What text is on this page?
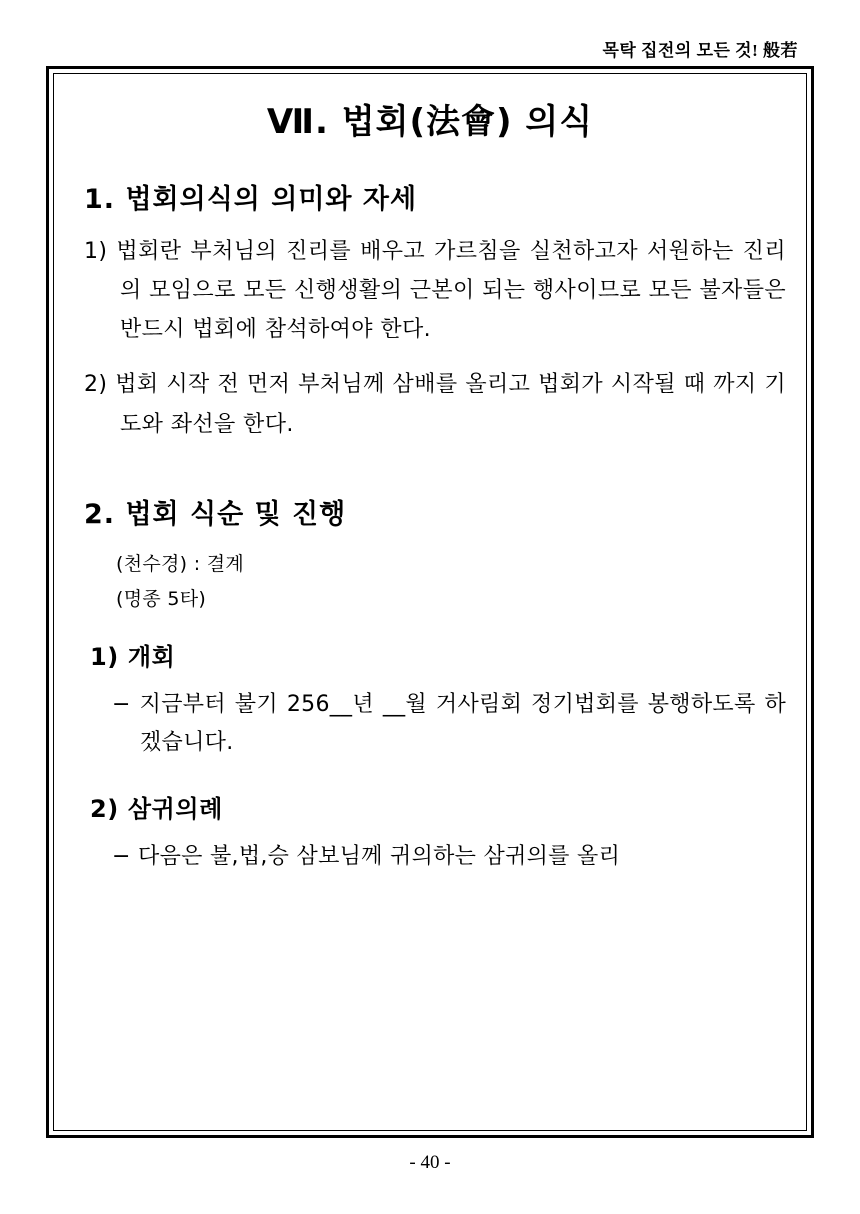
목탁 집전의 모든 것! 般若
Ⅶ. 법회(法會) 의식
1. 법회의식의 의미와 자세
1) 법회란 부처님의 진리를 배우고 가르침을 실천하고자 서원하는 진리의 모임으로 모든 신행생활의 근본이 되는 행사이므로 모든 불자들은 반드시 법회에 참석하여야 한다.
2) 법회 시작 전 먼저 부처님께 삼배를 올리고 법회가 시작될 때 까지 기도와 좌선을 한다.
2. 법회 식순 및 진행
(천수경) : 결계
(명종 5타)
1) 개회
− 지금부터 불기 256__년 __월 거사림회 정기법회를 봉행하도록 하겠습니다.
2) 삼귀의례
− 다음은 불,법,승 삼보님께 귀의하는 삼귀의를 올리
- 40 -
